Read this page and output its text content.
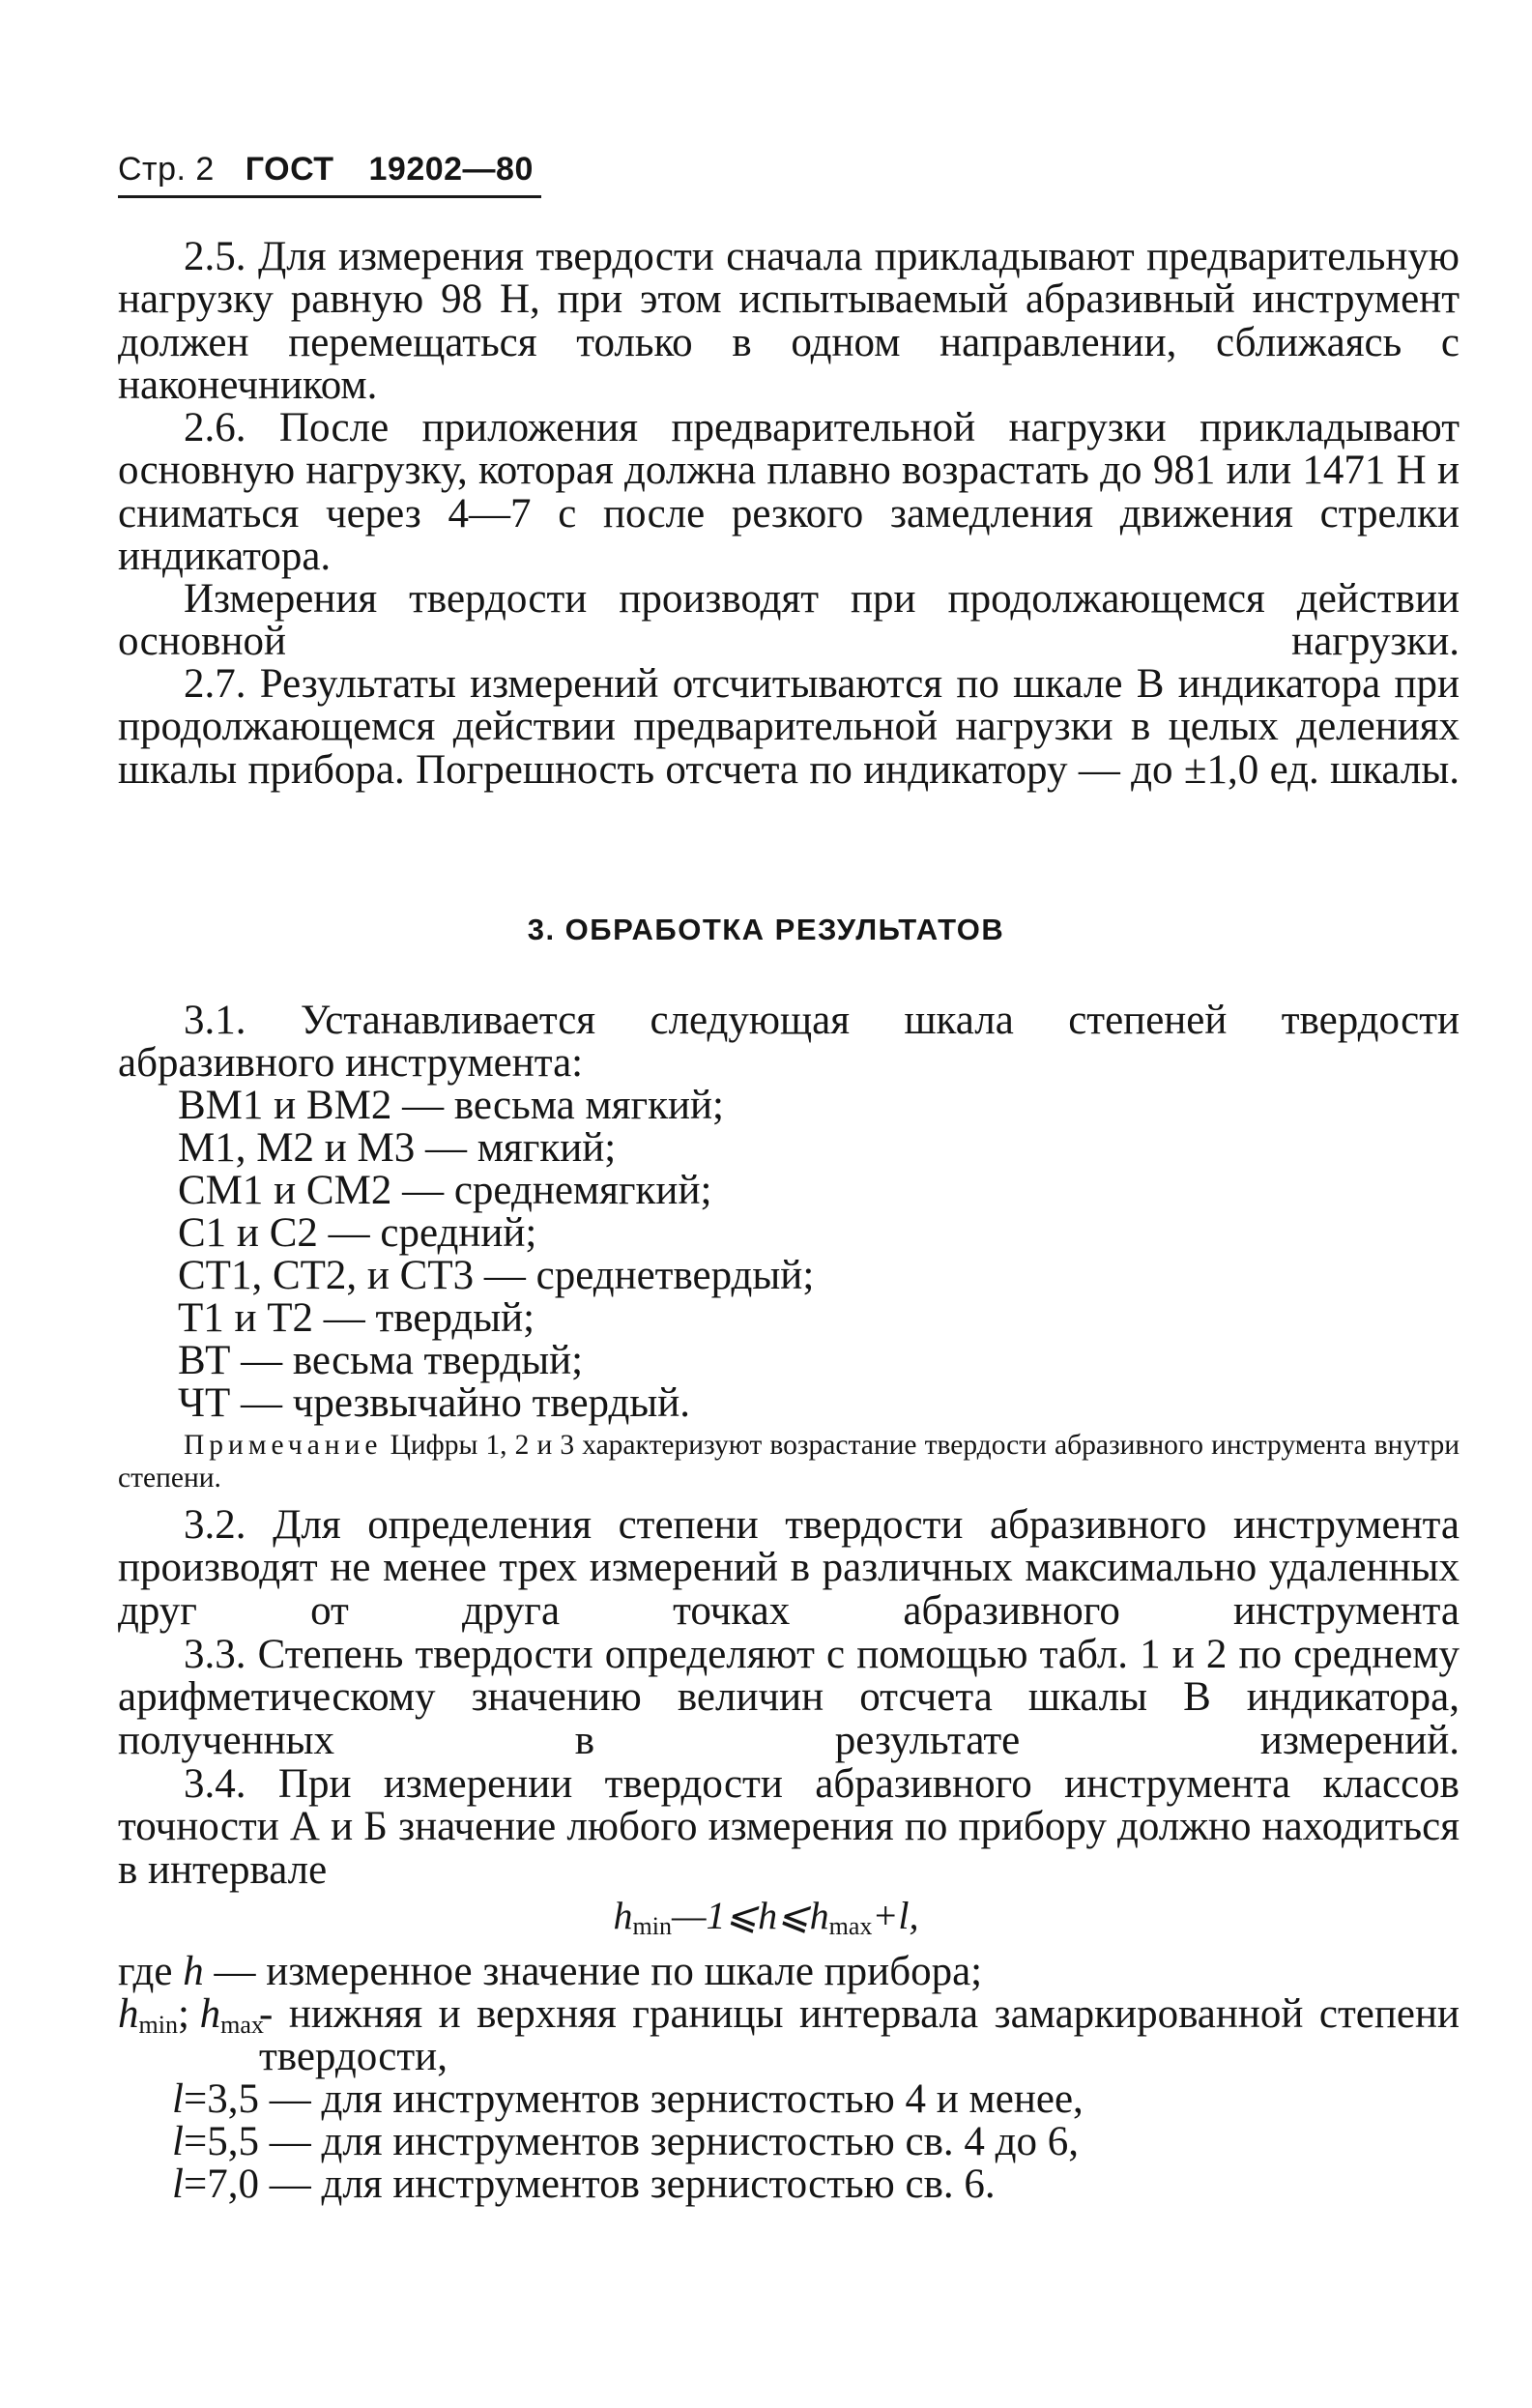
Стр. 2 ГОСТ 19202—80

2.5. Для измерения твердости сначала прикладывают предварительную нагрузку равную 98 Н, при этом испытываемый абразивный инструмент должен перемещаться только в одном направлении, сближаясь с наконечником.

2.6. После приложения предварительной нагрузки прикладывают основную нагрузку, которая должна плавно возрастать до 981 или 1471 Н и сниматься через 4—7 с после резкого замедления движения стрелки индикатора.

Измерения твердости производят при продолжающемся действии основной нагрузки.

2.7. Результаты измерений отсчитываются по шкале В индикатора при продолжающемся действии предварительной нагрузки в целых делениях шкалы прибора. Погрешность отсчета по индикатору — до ±1,0 ед. шкалы.

3. ОБРАБОТКА РЕЗУЛЬТАТОВ

3.1. Устанавливается следующая шкала степеней твердости абразивного инструмента:

ВМ1 и ВМ2 — весьма мягкий;
М1, М2 и М3 — мягкий;
СМ1 и СМ2 — среднемягкий;
С1 и С2 — средний;
СТ1, СТ2, и СТ3 — среднетвердый;
Т1 и Т2 — твердый;
ВТ — весьма твердый;
ЧТ — чрезвычайно твердый.

Примечание Цифры 1, 2 и 3 характеризуют возрастание твердости абразивного инструмента внутри степени.

3.2. Для определения степени твердости абразивного инструмента производят не менее трех измерений в различных максимально удаленных друг от друга точках абразивного инструмента

3.3. Степень твердости определяют с помощью табл. 1 и 2 по среднему арифметическому значению величин отсчета шкалы В индикатора, полученных в результате измерений.

3.4. При измерении твердости абразивного инструмента классов точности А и Б значение любого измерения по прибору должно находиться в интервале

$h_{min}—1⩽h⩽h_{max}+l$,
где h — измеренное значение по шкале прибора;
$h_{min}$; $h_{max}$
- нижняя и верхняя границы интервала замаркированной степени твердости,
l=3,5 — для инструментов зернистостью 4 и менее,
l=5,5 — для инструментов зернистостью св. 4 до 6,
l=7,0 — для инструментов зернистостью св. 6.
